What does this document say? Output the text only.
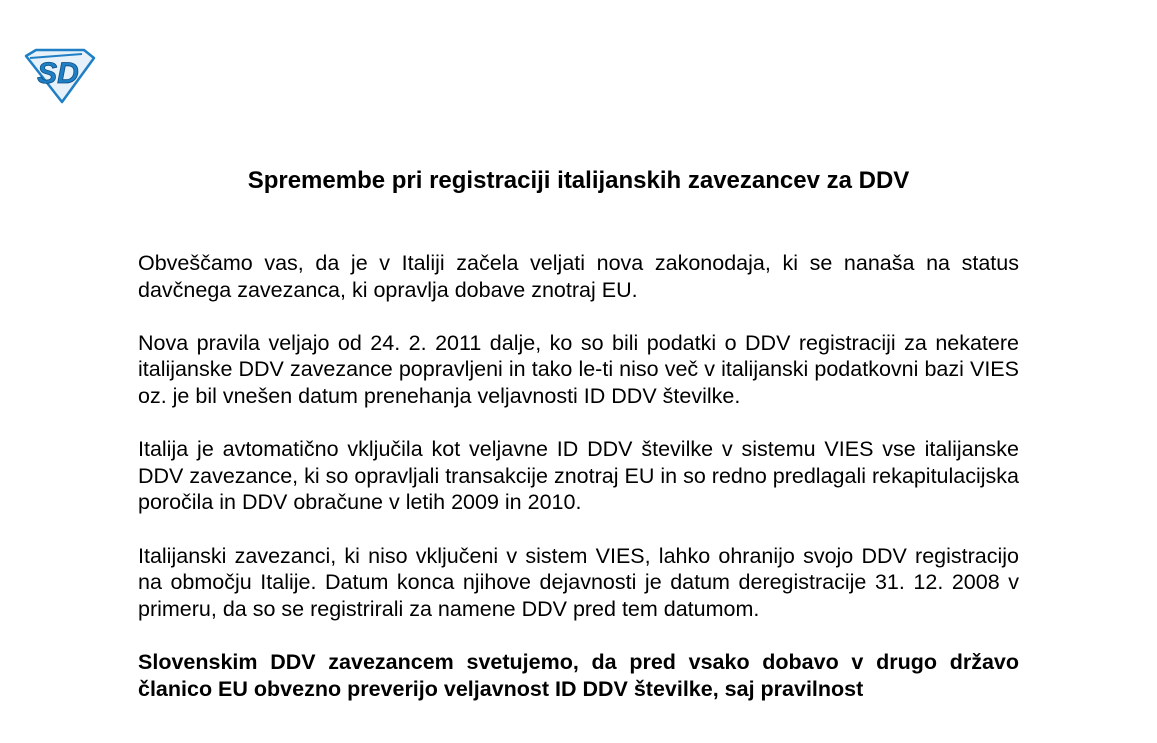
SD
Spremembe pri registraciji italijanskih zavezancev za DDV

Obveščamo vas, da je v Italiji začela veljati nova zakonodaja, ki se nanaša na status davčnega zavezanca, ki opravlja dobave znotraj EU.

Nova pravila veljajo od 24. 2. 2011 dalje, ko so bili podatki o DDV registraciji za nekatere italijanske DDV zavezance popravljeni in tako le-ti niso več v italijanski podatkovni bazi VIES oz. je bil vnešen datum prenehanja veljavnosti ID DDV številke.

Italija je avtomatično vključila kot veljavne ID DDV številke v sistemu VIES vse italijanske DDV zavezance, ki so opravljali transakcije znotraj EU in so redno predlagali rekapitulacijska poročila in DDV obračune v letih 2009 in 2010.

Italijanski zavezanci, ki niso vključeni v sistem VIES, lahko ohranijo svojo DDV registracijo na območju Italije. Datum konca njihove dejavnosti je datum deregistracije 31. 12. 2008 v primeru, da so se registrirali za namene DDV pred tem datumom.

Slovenskim DDV zavezancem svetujemo, da pred vsako dobavo v drugo državo članico EU obvezno preverijo veljavnost ID DDV številke, saj pravilnost
